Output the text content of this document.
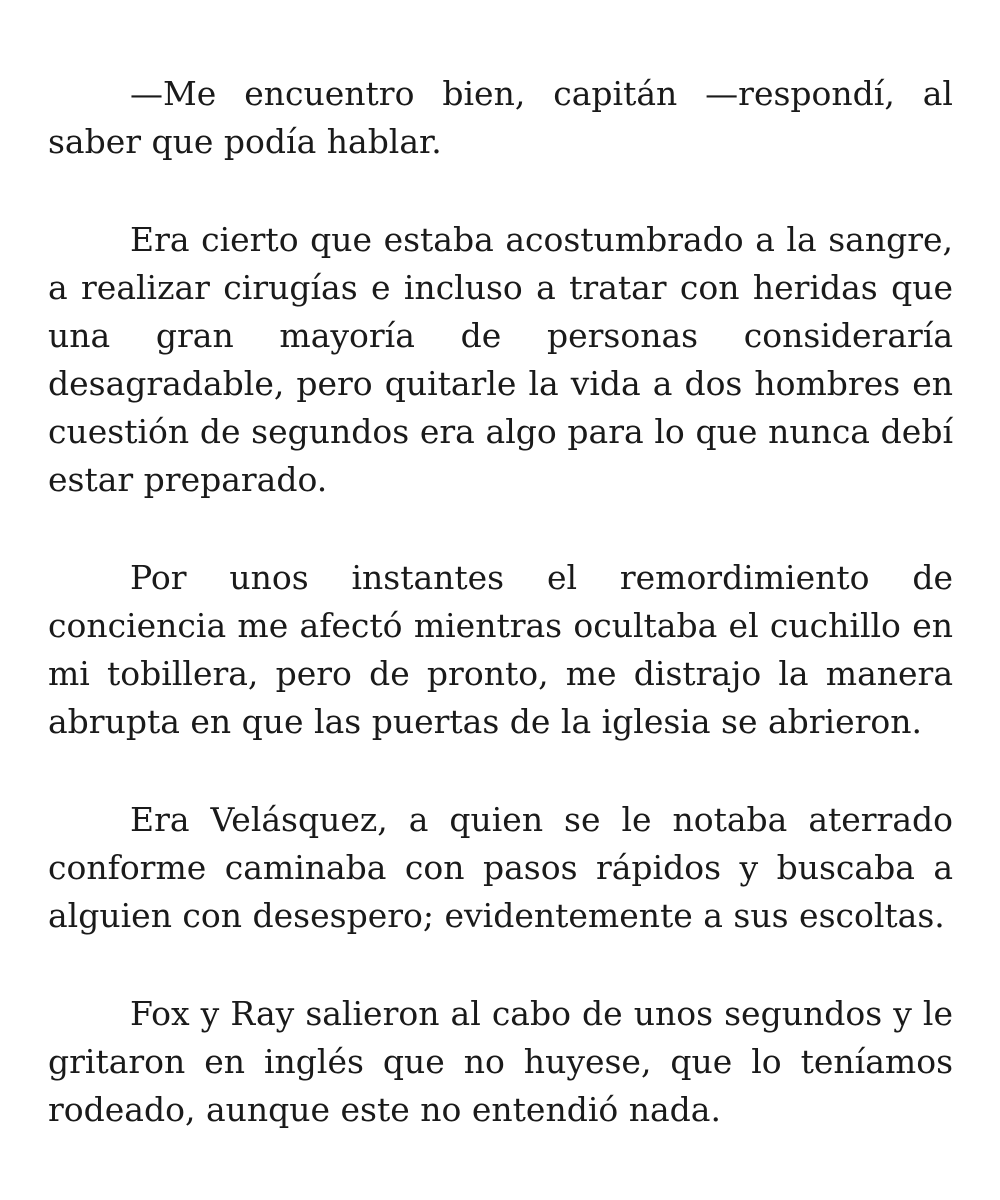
—Me encuentro bien, capitán —respondí, al saber que podía hablar.

Era cierto que estaba acostumbrado a la sangre, a realizar cirugías e incluso a tratar con heridas que una gran mayoría de personas consideraría desagradable, pero quitarle la vida a dos hombres en cuestión de segundos era algo para lo que nunca debí estar preparado.

Por unos instantes el remordimiento de conciencia me afectó mientras ocultaba el cuchillo en mi tobillera, pero de pronto, me distrajo la manera abrupta en que las puertas de la iglesia se abrieron.

Era Velásquez, a quien se le notaba aterrado conforme caminaba con pasos rápidos y buscaba a alguien con desespero; evidentemente a sus escoltas.

Fox y Ray salieron al cabo de unos segundos y le gritaron en inglés que no huyese, que lo teníamos rodeado, aunque este no entendió nada.
